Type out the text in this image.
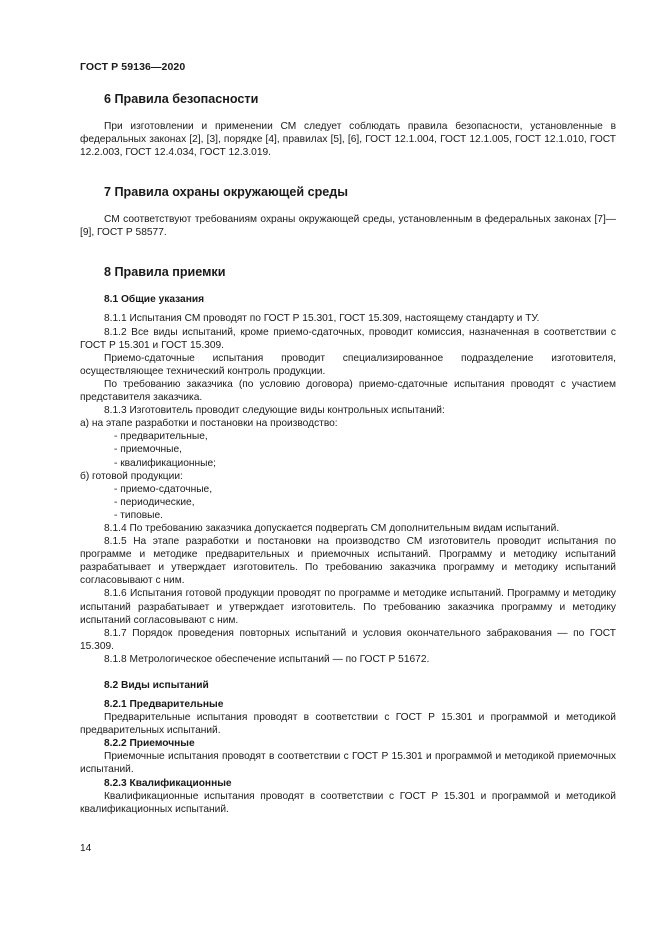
ГОСТ Р 59136—2020
6 Правила безопасности

При изготовлении и применении СМ следует соблюдать правила безопасности, установленные в федеральных законах [2], [3], порядке [4], правилах [5], [6], ГОСТ 12.1.004, ГОСТ 12.1.005, ГОСТ 12.1.010, ГОСТ 12.2.003, ГОСТ 12.4.034, ГОСТ 12.3.019.

7 Правила охраны окружающей среды

СМ соответствуют требованиям охраны окружающей среды, установленным в федеральных законах [7]—[9], ГОСТ Р 58577.

8 Правила приемки
8.1 Общие указания

8.1.1 Испытания СМ проводят по ГОСТ Р 15.301, ГОСТ 15.309, настоящему стандарту и ТУ.

8.1.2 Все виды испытаний, кроме приемо-сдаточных, проводит комиссия, назначенная в соответствии с ГОСТ Р 15.301 и ГОСТ 15.309.

Приемо-сдаточные испытания проводит специализированное подразделение изготовителя, осуществляющее технический контроль продукции.

По требованию заказчика (по условию договора) приемо-сдаточные испытания проводят с участием представителя заказчика.

8.1.3 Изготовитель проводит следующие виды контрольных испытаний:

а) на этапе разработки и постановки на производство:

- предварительные,

- приемочные,

- квалификационные;

б) готовой продукции:

- приемо-сдаточные,

- периодические,

- типовые.

8.1.4 По требованию заказчика допускается подвергать СМ дополнительным видам испытаний.

8.1.5 На этапе разработки и постановки на производство СМ изготовитель проводит испытания по программе и методике предварительных и приемочных испытаний. Программу и методику испытаний разрабатывает и утверждает изготовитель. По требованию заказчика программу и методику испытаний согласовывают с ним.

8.1.6 Испытания готовой продукции проводят по программе и методике испытаний. Программу и методику испытаний разрабатывает и утверждает изготовитель. По требованию заказчика программу и методику испытаний согласовывают с ним.

8.1.7 Порядок проведения повторных испытаний и условия окончательного забракования — по ГОСТ 15.309.

8.1.8 Метрологическое обеспечение испытаний — по ГОСТ Р 51672.

8.2 Виды испытаний

8.2.1 Предварительные

Предварительные испытания проводят в соответствии с ГОСТ Р 15.301 и программой и методикой предварительных испытаний.

8.2.2 Приемочные

Приемочные испытания проводят в соответствии с ГОСТ Р 15.301 и программой и методикой приемочных испытаний.

8.2.3 Квалификационные

Квалификационные испытания проводят в соответствии с ГОСТ Р 15.301 и программой и методикой квалификационных испытаний.

14
